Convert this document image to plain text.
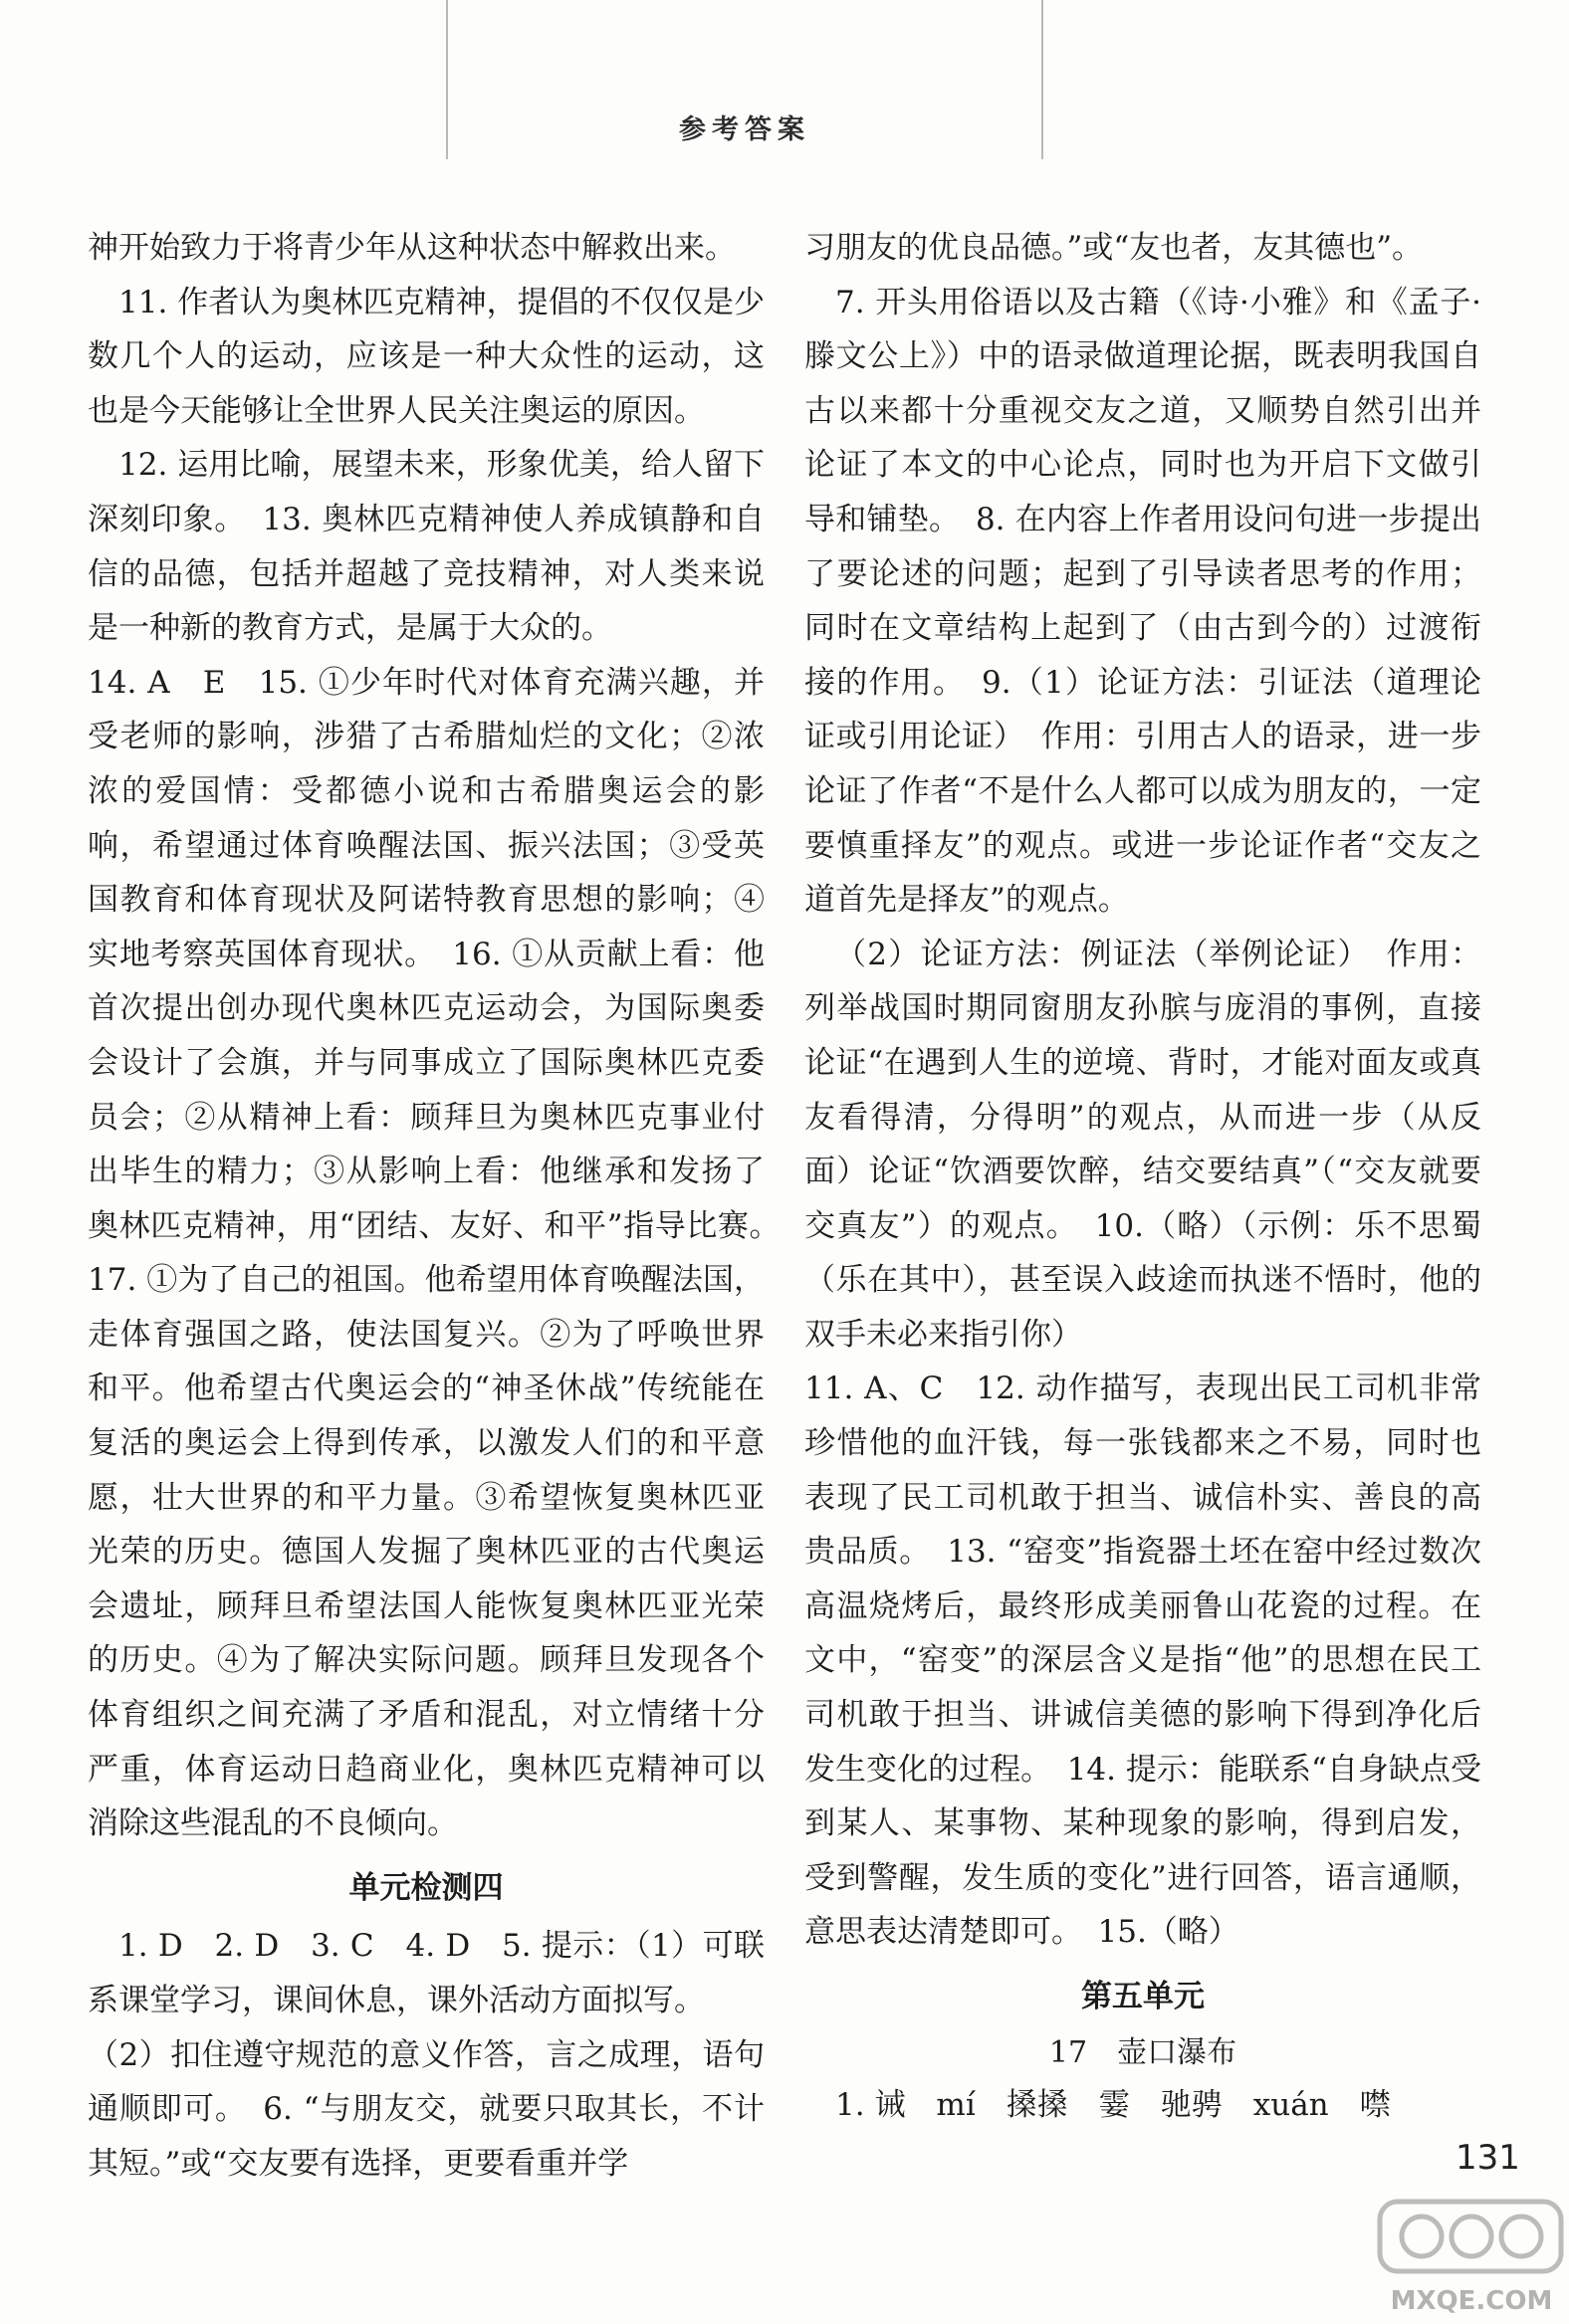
参考答案

神开始致力于将青少年从这种状态中解救出来。

11. 作者认为奥林匹克精神，提倡的不仅仅是少数几个人的运动，应该是一种大众性的运动，这也是今天能够让全世界人民关注奥运的原因。

12. 运用比喻，展望未来，形象优美，给人留下深刻印象。　13. 奥林匹克精神使人养成镇静和自信的品德，包括并超越了竞技精神，对人类来说是一种新的教育方式，是属于大众的。

14. A　E　15. ①少年时代对体育充满兴趣，并受老师的影响，涉猎了古希腊灿烂的文化；②浓浓的爱国情：受都德小说和古希腊奥运会的影响，希望通过体育唤醒法国、振兴法国；③受英国教育和体育现状及阿诺特教育思想的影响；④实地考察英国体育现状。　16. ①从贡献上看：他首次提出创办现代奥林匹克运动会，为国际奥委会设计了会旗，并与同事成立了国际奥林匹克委员会；②从精神上看：顾拜旦为奥林匹克事业付出毕生的精力；③从影响上看：他继承和发扬了奥林匹克精神，用“团结、友好、和平”指导比赛。　17. ①为了自己的祖国。他希望用体育唤醒法国，走体育强国之路，使法国复兴。②为了呼唤世界和平。他希望古代奥运会的“神圣休战”传统能在复活的奥运会上得到传承，以激发人们的和平意愿，壮大世界的和平力量。③希望恢复奥林匹亚光荣的历史。德国人发掘了奥林匹亚的古代奥运会遗址，顾拜旦希望法国人能恢复奥林匹亚光荣的历史。④为了解决实际问题。顾拜旦发现各个体育组织之间充满了矛盾和混乱，对立情绪十分严重，体育运动日趋商业化，奥林匹克精神可以消除这些混乱的不良倾向。

单元检测四

1. D　2. D　3. C　4. D　5. 提示：（1）可联系课堂学习，课间休息，课外活动方面拟写。

（2）扣住遵守规范的意义作答，言之成理，语句通顺即可。　6. “与朋友交，就要只取其长，不计其短。”或“交友要有选择，更要看重并学

习朋友的优良品德。”或“友也者，友其德也”。

7. 开头用俗语以及古籍（《诗·小雅》和《孟子·滕文公上》）中的语录做道理论据，既表明我国自古以来都十分重视交友之道，又顺势自然引出并论证了本文的中心论点，同时也为开启下文做引导和铺垫。　8. 在内容上作者用设问句进一步提出了要论述的问题；起到了引导读者思考的作用；同时在文章结构上起到了（由古到今的）过渡衔接的作用。　9.（1）论证方法：引证法（道理论证或引用论证）　作用：引用古人的语录，进一步论证了作者“不是什么人都可以成为朋友的，一定要慎重择友”的观点。或进一步论证作者“交友之道首先是择友”的观点。

（2）论证方法：例证法（举例论证）　作用：列举战国时期同窗朋友孙膑与庞涓的事例，直接论证“在遇到人生的逆境、背时，才能对面友或真友看得清，分得明”的观点，从而进一步（从反面）论证“饮酒要饮醉，结交要结真”（“交友就要交真友”）的观点。　10.（略）（示例：乐不思蜀（乐在其中），甚至误入歧途而执迷不悟时，他的双手未必来指引你）

11. A、C　12. 动作描写，表现出民工司机非常珍惜他的血汗钱，每一张钱都来之不易，同时也表现了民工司机敢于担当、诚信朴实、善良的高贵品质。　13. “窑变”指瓷器土坯在窑中经过数次高温烧烤后，最终形成美丽鲁山花瓷的过程。在文中，“窑变”的深层含义是指“他”的思想在民工司机敢于担当、讲诚信美德的影响下得到净化后发生变化的过程。　14. 提示：能联系“自身缺点受到某人、某事物、某种现象的影响，得到启发，受到警醒，发生质的变化”进行回答，语言通顺，意思表达清楚即可。　15.（略）

第五单元
17　壶口瀑布

1. 诫　mí　搡搡　霎　驰骋　xuán　噤

131
MXQE.COM
